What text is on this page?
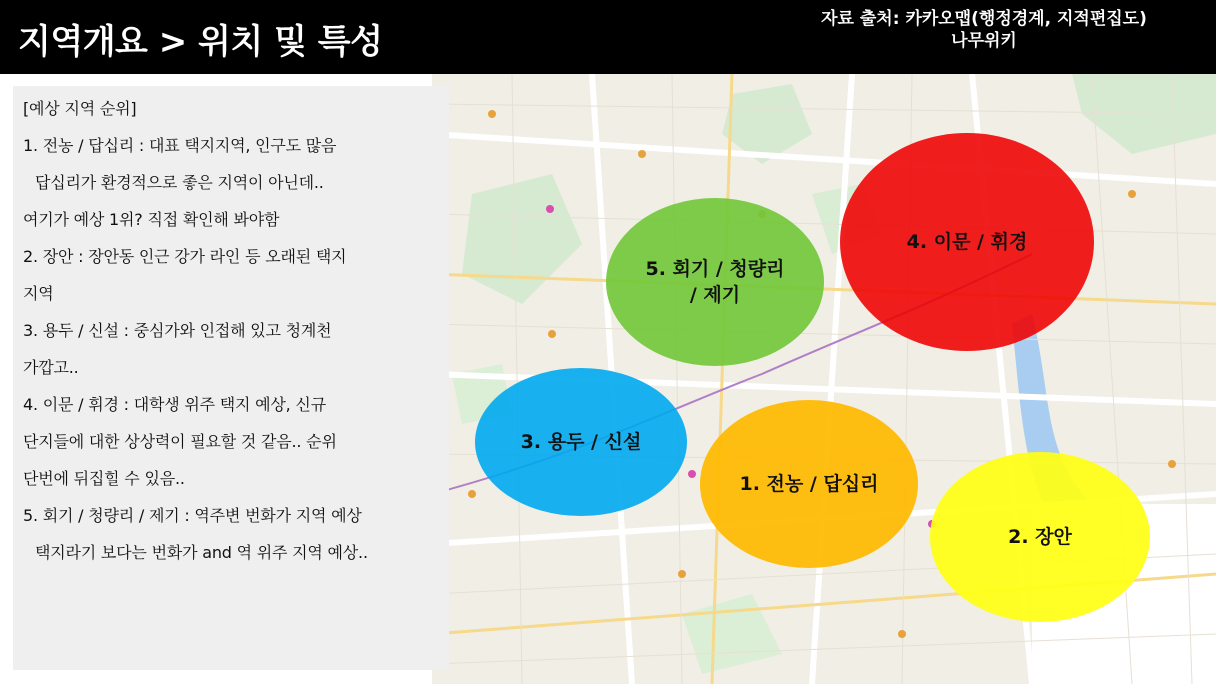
지역개요 > 위치 및 특성
자료 출처: 카카오맵(행정경계, 지적편집도)
나무위키
[예상 지역 순위]
1. 전농 / 답십리 : 대표 택지지역, 인구도 많음
답십리가 환경적으로 좋은 지역이 아닌데..
여기가 예상 1위? 직접 확인해 봐야함
2. 장안 : 장안동 인근 강가 라인 등 오래된 택지
지역
3. 용두 / 신설 : 중심가와 인접해 있고 청계천
가깝고..
4. 이문 / 휘경 : 대학생 위주 택지 예상, 신규
단지들에 대한 상상력이 필요할 것 같음.. 순위
단번에 뒤집힐 수 있음..
5. 회기 / 청량리 / 제기 : 역주변 번화가 지역 예상
택지라기 보다는 번화가 and 역 위주 지역 예상..
5. 회기 / 청량리
/ 제기
4. 이문 / 휘경
3. 용두 / 신설
1. 전농 / 답십리
2. 장안
